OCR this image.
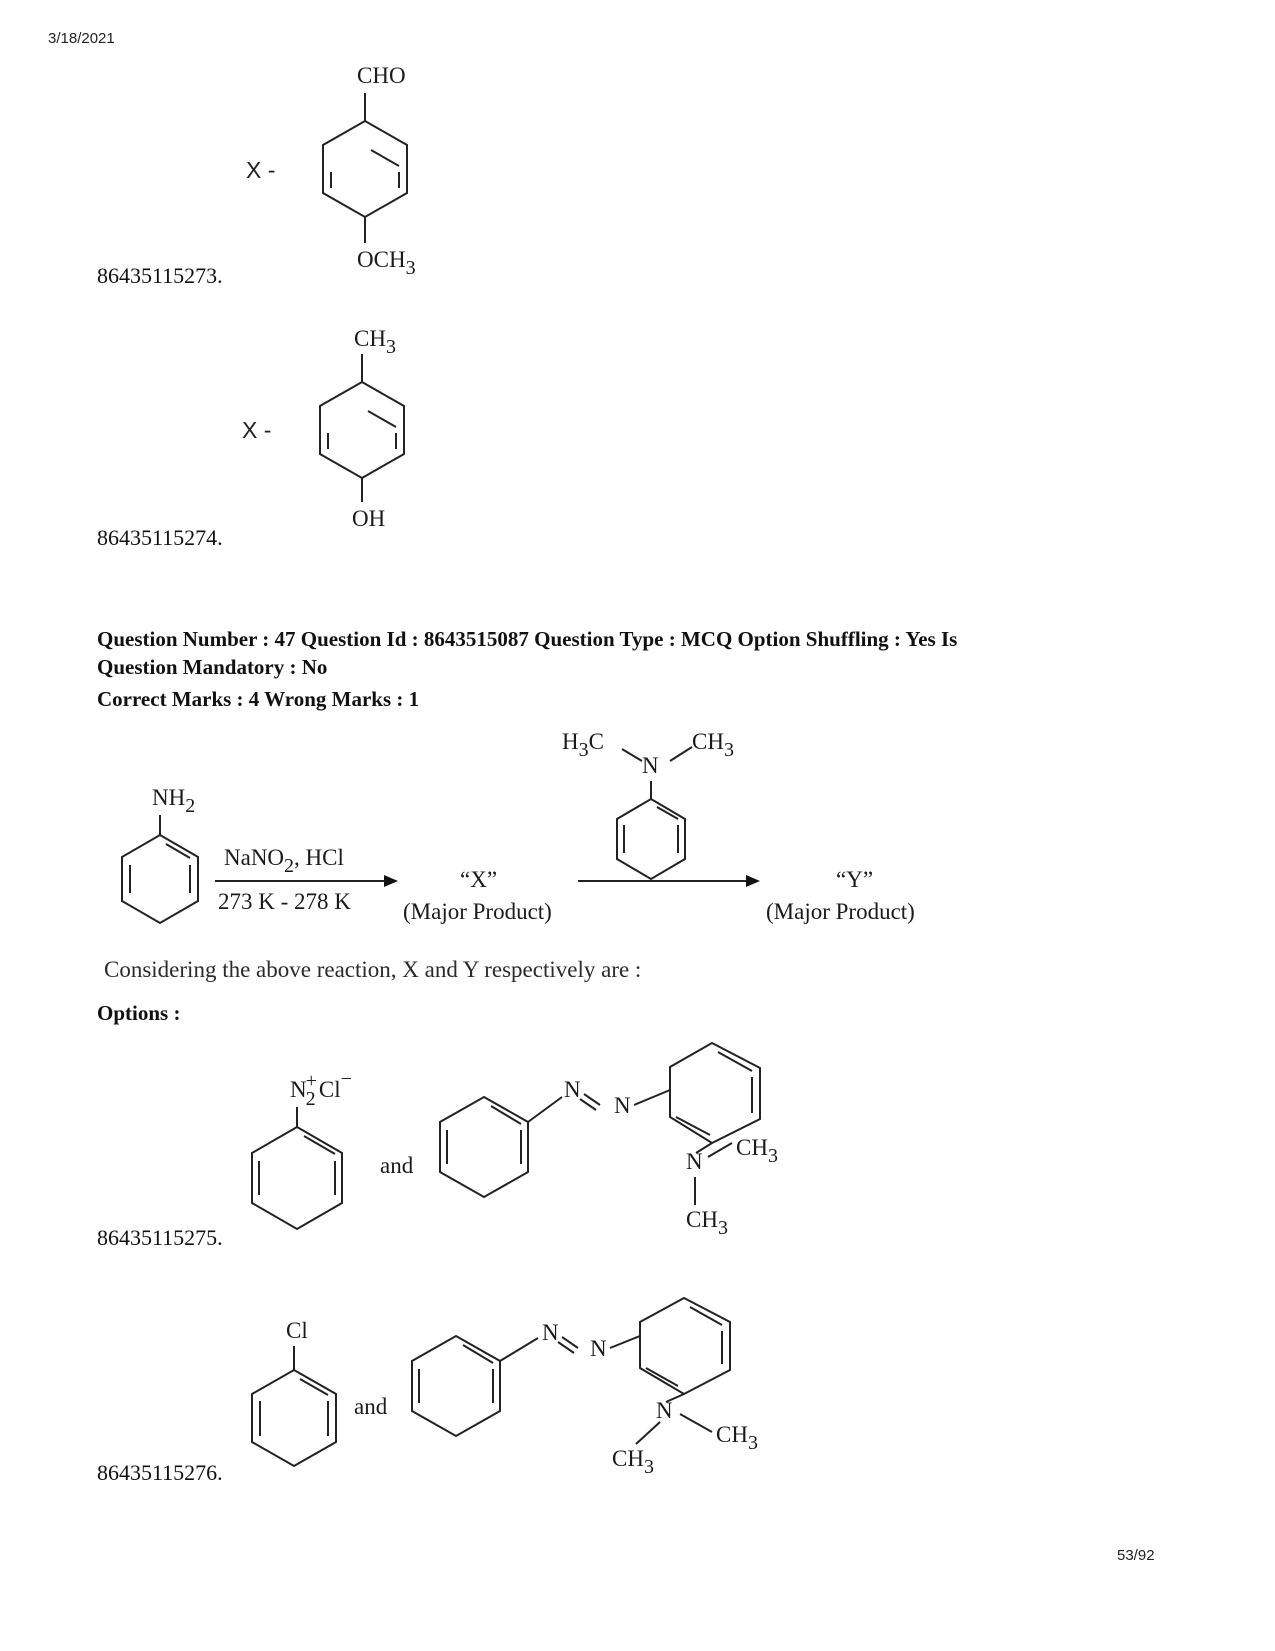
3/18/2021
53/92
86435115273.
X -
CHO
OCH3
86435115274.
X -
CH3
OH
Question Number : 47 Question Id : 8643515087 Question Type : MCQ Option Shuffling : Yes Is
Question Mandatory : No
Correct Marks : 4 Wrong Marks : 1
NH2
NaNO2, HCl
273 K - 278 K
“X”
(Major Product)
H3C
N
CH3
“Y”
(Major Product)
Considering the above reaction, X and Y respectively are :
Options :
86435115275.
N2+Cl−
and
N
N
N
CH3
CH3
86435115276.
Cl
and
N
N
N
CH3
CH3
